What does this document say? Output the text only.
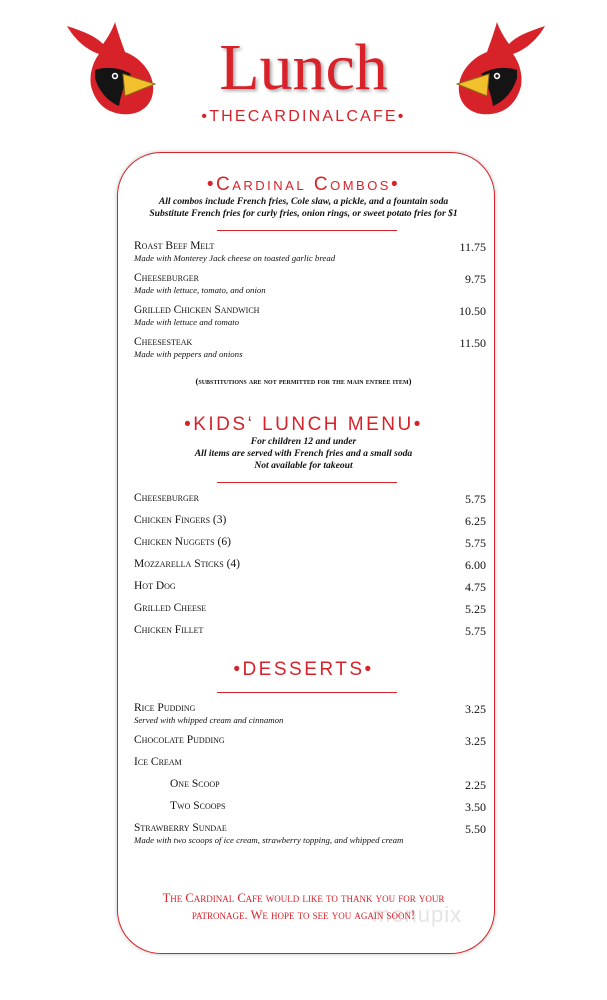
Lunch
•THECARDINALCAFE•
•Cardinal Combos•
All combos include French fries, Cole slaw, a pickle, and a fountain soda
Substitute French fries for curly fries, onion rings, or sweet potato fries for $1
Roast Beef Melt	11.75
Made with Monterey Jack cheese on toasted garlic bread
Cheeseburger	9.75
Made with lettuce, tomato, and onion
Grilled Chicken Sandwich	10.50
Made with lettuce and tomato
Cheesesteak	11.50
Made with peppers and onions
(substitutions are not permitted for the main entree item)
•KIDS‘ LUNCH MENU•
For children 12 and under
All items are served with French fries and a small soda
Not available for takeout
Cheeseburger	5.75
Chicken Fingers (3)	6.25
Chicken Nuggets (6)	5.75
Mozzarella Sticks (4)	6.00
Hot Dog	4.75
Grilled Cheese	5.25
Chicken Fillet	5.75
•DESSERTS•
Rice Pudding	3.25
Served with whipped cream and cinnamon
Chocolate Pudding	3.25
Ice Cream
One Scoop	2.25
Two Scoops	3.50
Strawberry Sundae	5.50
Made with two scoops of ice cream, strawberry topping, and whipped cream
menupix
The Cardinal Cafe would like to thank you for your
patronage. We hope to see you again soon!
